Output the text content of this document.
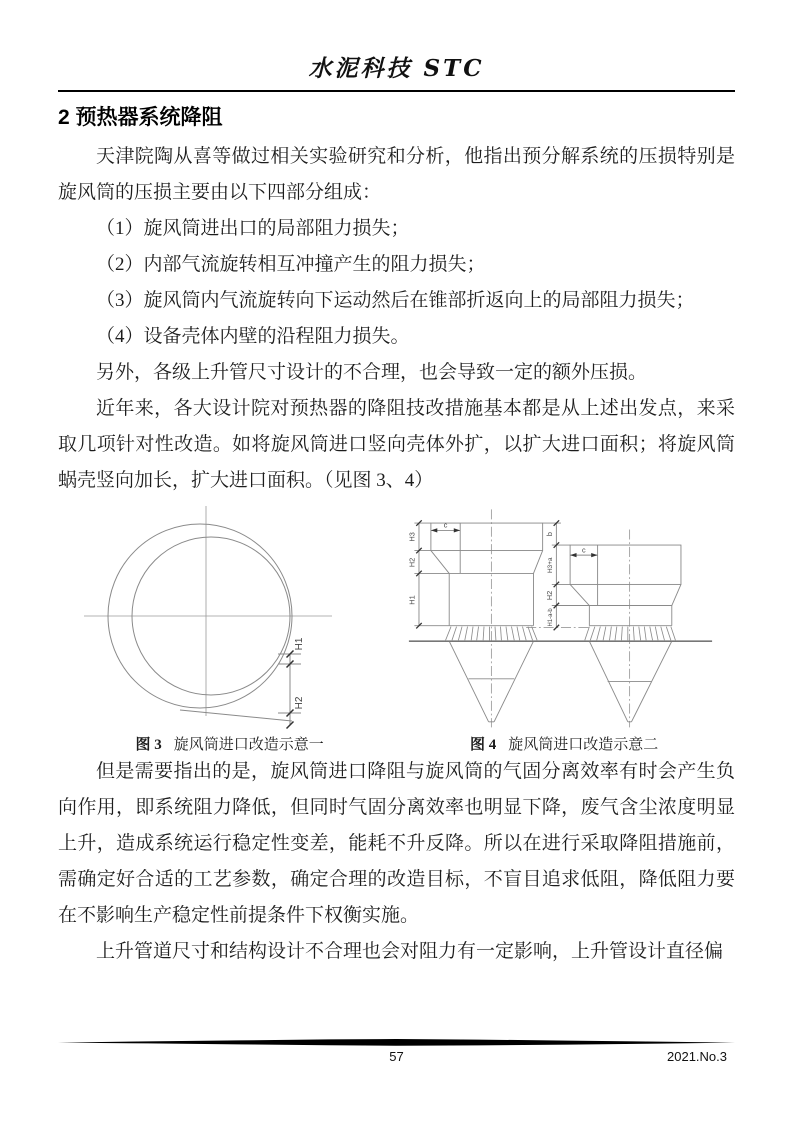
水泥科技 STC
2 预热器系统降阻

天津院陶从喜等做过相关实验研究和分析，他指出预分解系统的压损特别是旋风筒的压损主要由以下四部分组成：

（1）旋风筒进出口的局部阻力损失；

（2）内部气流旋转相互冲撞产生的阻力损失；

（3）旋风筒内气流旋转向下运动然后在锥部折返向上的局部阻力损失；

（4）设备壳体内壁的沿程阻力损失。

另外，各级上升管尺寸设计的不合理，也会导致一定的额外压损。

近年来，各大设计院对预热器的降阻技改措施基本都是从上述出发点，来采取几项针对性改造。如将旋风筒进口竖向壳体外扩，以扩大进口面积；将旋风筒蜗壳竖向加长，扩大进口面积。（见图 3、4）

H1
H2
图 3 旋风筒进口改造示意一
H3
H2
H1
c
b
H3+a
H2
H1-a-b
c
图 4 旋风筒进口改造示意二

但是需要指出的是，旋风筒进口降阻与旋风筒的气固分离效率有时会产生负向作用，即系统阻力降低，但同时气固分离效率也明显下降，废气含尘浓度明显上升，造成系统运行稳定性变差，能耗不升反降。所以在进行采取降阻措施前，需确定好合适的工艺参数，确定合理的改造目标，不盲目追求低阻，降低阻力要在不影响生产稳定性前提条件下权衡实施。

上升管道尺寸和结构设计不合理也会对阻力有一定影响，上升管设计直径偏

57	2021.No.3
